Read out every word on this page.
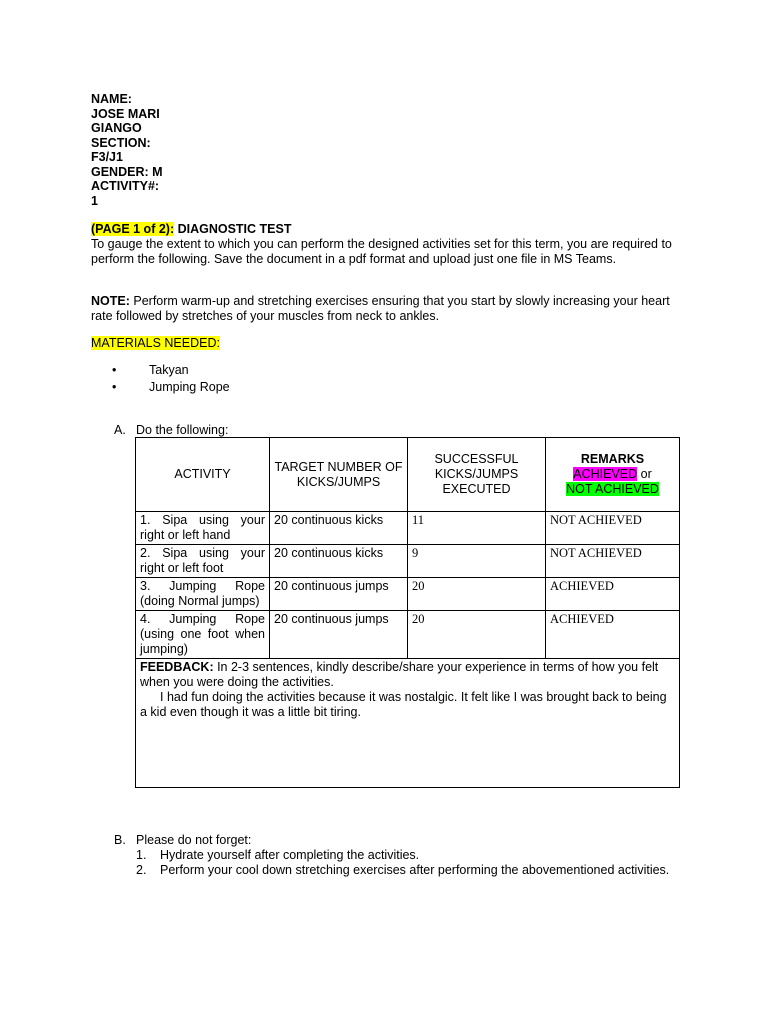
NAME:
JOSE MARI
GIANGO
SECTION:
F3/J1
GENDER: M
ACTIVITY#:
1
(PAGE 1 of 2): DIAGNOSTIC TEST
To gauge the extent to which you can perform the designed activities set for this term, you are required to perform the following. Save the document in a pdf format and upload just one file in MS Teams.
NOTE: Perform warm-up and stretching exercises ensuring that you start by slowly increasing your heart rate followed by stretches of your muscles from neck to ankles.
MATERIALS NEEDED:
•	Takyan
•	Jumping Rope
A. Do the following:
ACTIVITY	TARGET NUMBER OF KICKS/JUMPS	SUCCESSFUL KICKS/JUMPS EXECUTED	REMARKS
ACHIEVED or
NOT ACHIEVED

1. Sipa using your right or left hand	20 continuous kicks	11	NOT ACHIEVED
2. Sipa using your right or left foot	20 continuous kicks	9	NOT ACHIEVED
3. Jumping Rope (doing Normal jumps)	20 continuous jumps	20	ACHIEVED
4. Jumping Rope (using one foot when jumping)	20 continuous jumps	20	ACHIEVED

FEEDBACK: In 2-3 sentences, kindly describe/share your experience in terms of how you felt when you were doing the activities.
I had fun doing the activities because it was nostalgic. It felt like I was brought back to being a kid even though it was a little bit tiring.			
B. Please do not forget:
1.	Hydrate yourself after completing the activities.
2.	Perform your cool down stretching exercises after performing the abovementioned activities.
